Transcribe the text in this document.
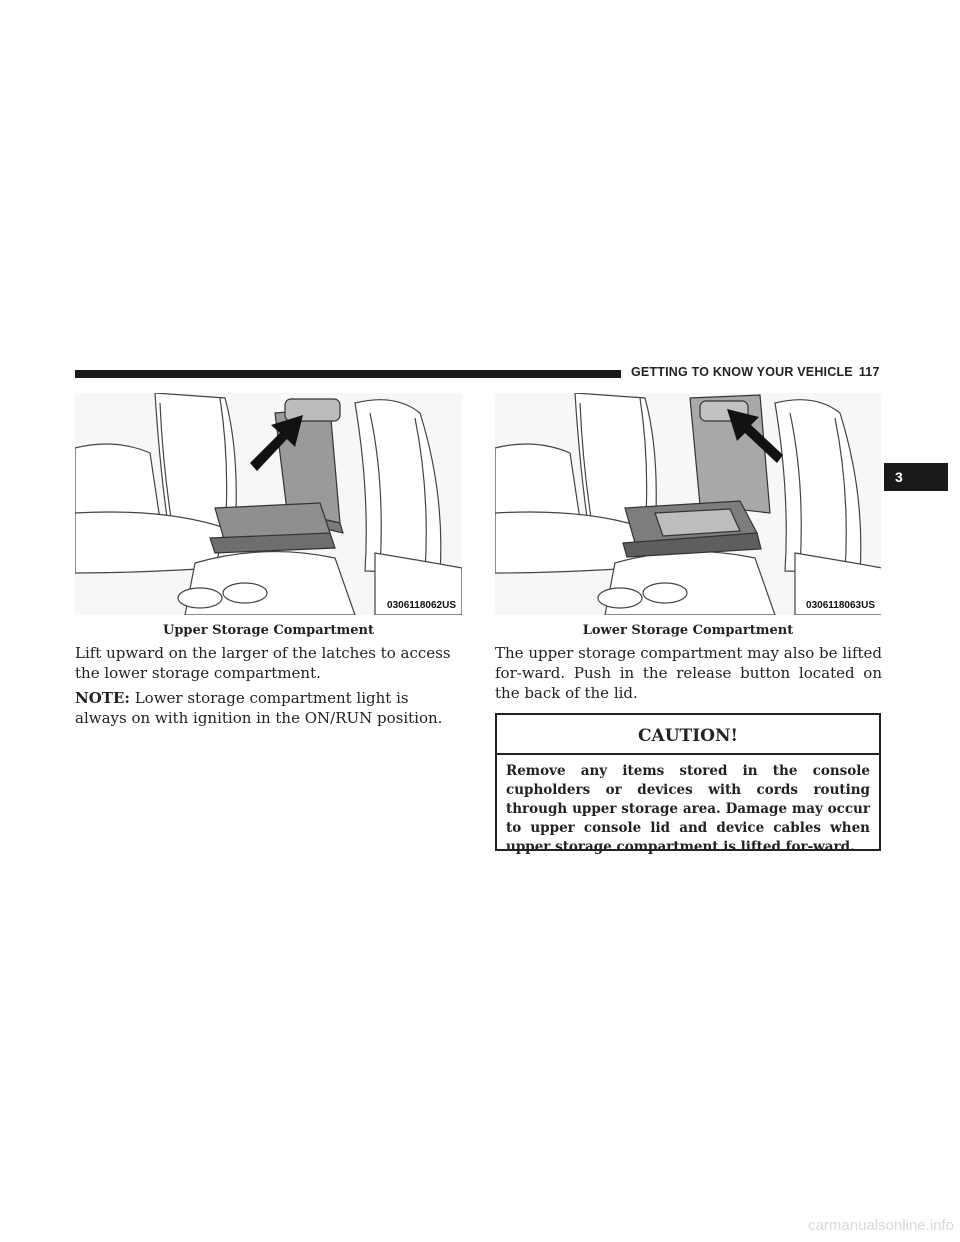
GETTING TO KNOW YOUR VEHICLE 117
3
0306118062US
Upper Storage Compartment
0306118063US
Lower Storage Compartment
Lift upward on the larger of the latches to access the lower storage compartment.
NOTE: Lower storage compartment light is always on with ignition in the ON/RUN position.
The upper storage compartment may also be lifted for-ward. Push in the release button located on the back of the lid.
CAUTION!
Remove any items stored in the console cupholders or devices with cords routing through upper storage area. Damage may occur to upper console lid and device cables when upper storage compartment is lifted for-ward.
carmanualsonline.info
